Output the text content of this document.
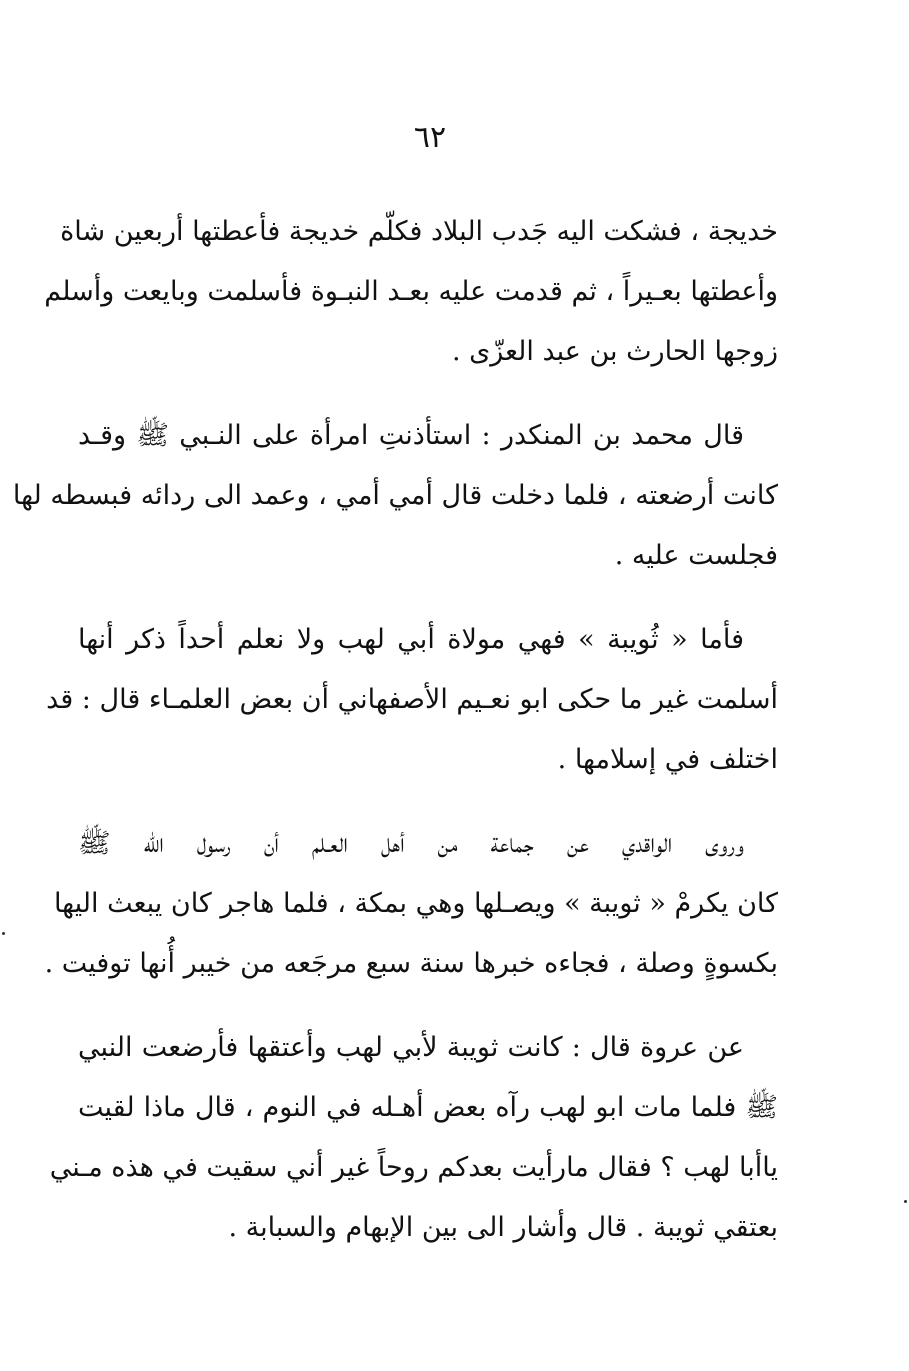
٦٢

خديجة ، فشكت اليه جَدب البلاد فكلّم خديجة فأعطتها أربعين شاة
وأعطتها بعـيراً ، ثم قدمت عليه بعـد النبـوة فأسلمت وبايعت وأسلم
زوجها الحارث بن عبد العزّى .

قال محمد بن المنكدر : استأذنتِ امرأة على النـبي ﷺ وقـد
كانت أرضعته ، فلما دخلت قال أمي أمي ، وعمد الى ردائه فبسطه لها
فجلست عليه .

فأما « ثُويبة » فهي مولاة أبي لهب ولا نعلم أحداً ذكر أنها
أسلمت غير ما حكى ابو نعـيم الأصفهاني أن بعض العلمـاء قال : قد
اختلف في إسلامها .

وروى الواقدي عن جماعة من أهل العـلم أن رسول الله ﷺ
كان يكرمْ « ثويبة » ويصـلها وهي بمكة ، فلما هاجر كان يبعث اليها
بكسوةٍ وصلة ، فجاءه خبرها سنة سبع مرجَعه من خيبر أُنها توفيت .

عن عروة قال : كانت ثويبة لأبي لهب وأعتقها فأرضعت النبي
ﷺ فلما مات ابو لهب رآه بعض أهـله في النوم ، قال ماذا لقيت
ياأبا لهب ؟ فقال مارأيت بعدكم روحاً غير أني سقيت في هذه مـني
بعتقي ثويبة . قال وأشار الى بين الإبهام والسبابة .
